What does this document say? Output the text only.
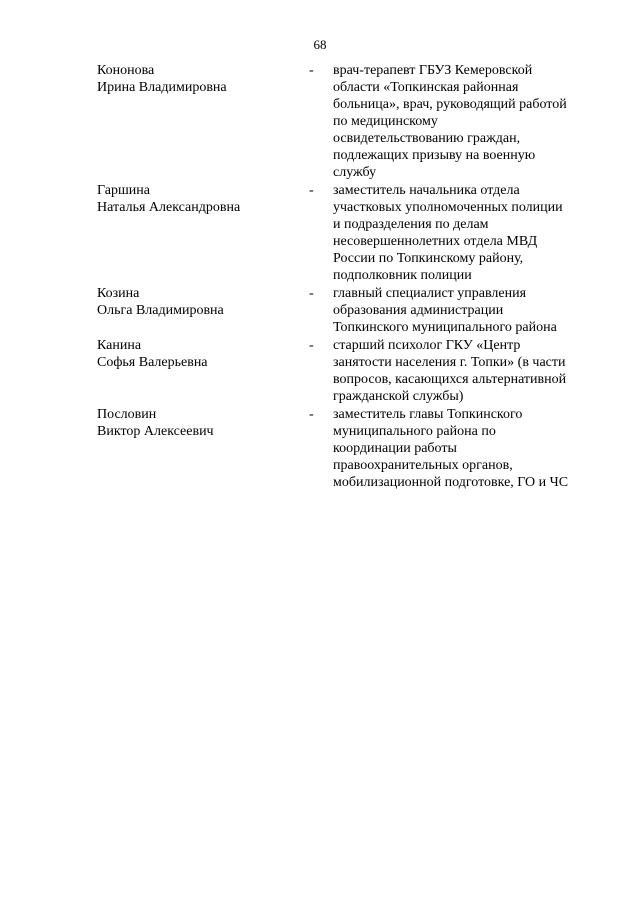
68
Кононова
Ирина Владимировна
-	врач-терапевт ГБУЗ Кемеровской
области «Топкинская районная
больница», врач, руководящий работой
по медицинскому
освидетельствованию граждан,
подлежащих призыву на военную
службу
Гаршина
Наталья Александровна
-	заместитель начальника отдела
участковых уполномоченных полиции
и подразделения по делам
несовершеннолетних отдела МВД
России по Топкинскому району,
подполковник полиции
Козина
Ольга Владимировна
-	главный специалист управления
образования администрации
Топкинского муниципального района
Канина
Софья Валерьевна
-	старший психолог ГКУ «Центр
занятости населения г. Топки» (в части
вопросов, касающихся альтернативной
гражданской службы)
Пословин
Виктор Алексеевич
-	заместитель главы Топкинского
муниципального района по
координации работы
правоохранительных органов,
мобилизационной подготовке, ГО и ЧС
